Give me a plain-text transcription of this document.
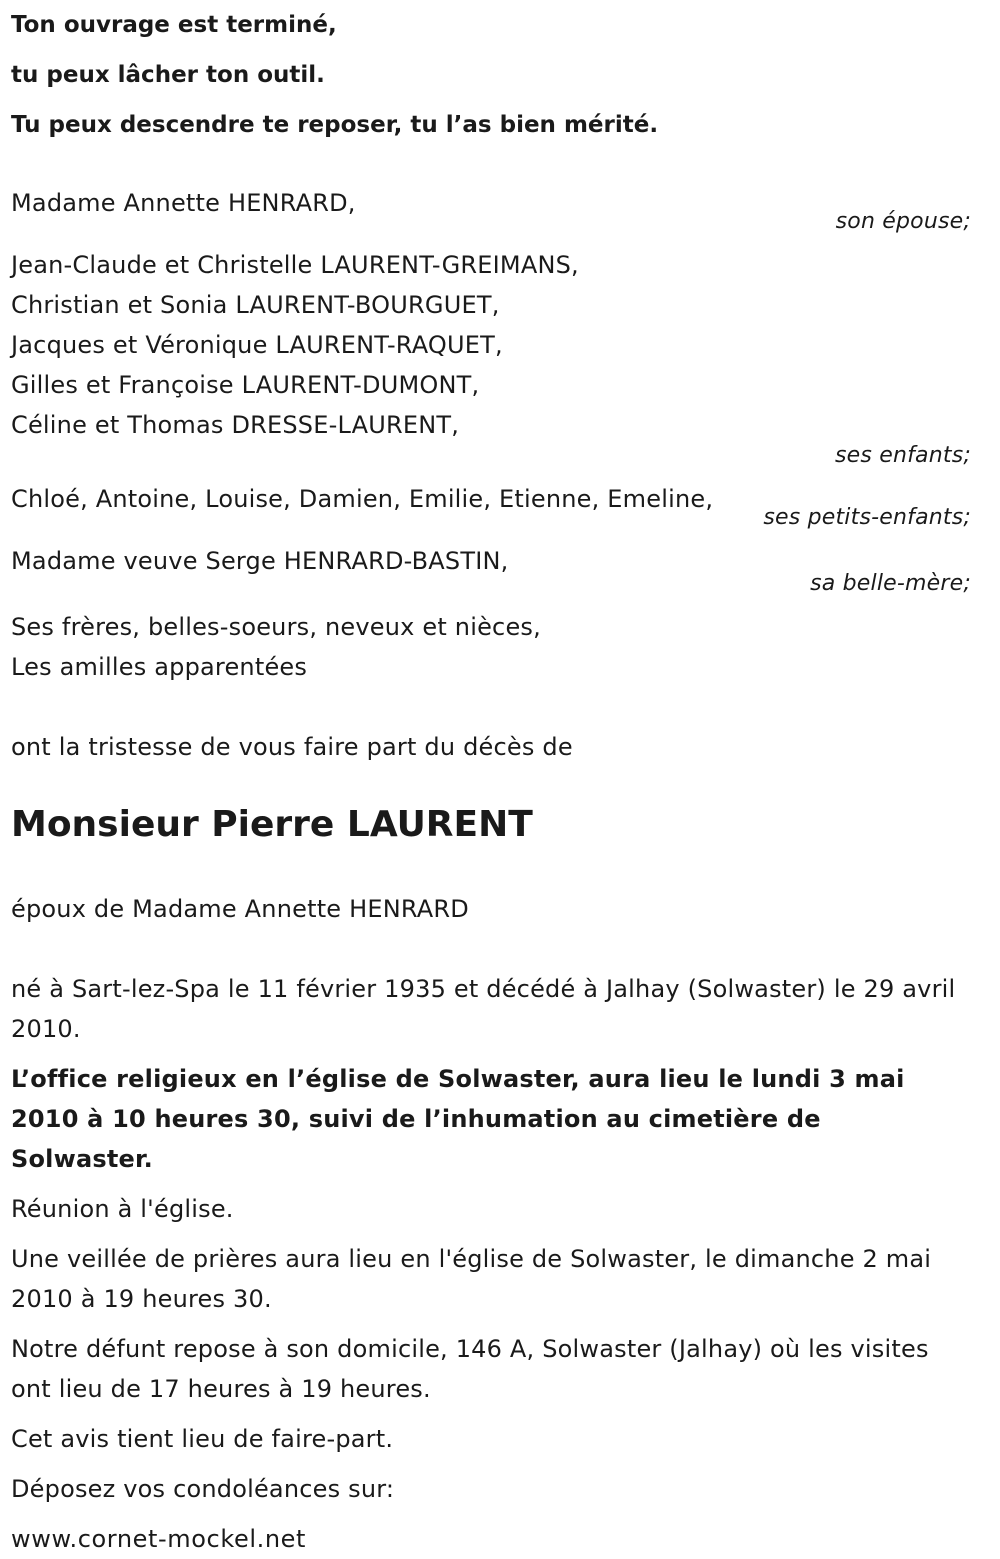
Ton ouvrage est terminé,
tu peux lâcher ton outil.
Tu peux descendre te reposer, tu l’as bien mérité.
Madame Annette HENRARD,
son épouse;
Jean-Claude et Christelle LAURENT-GREIMANS,
Christian et Sonia LAURENT-BOURGUET,
Jacques et Véronique LAURENT-RAQUET,
Gilles et Françoise LAURENT-DUMONT,
Céline et Thomas DRESSE-LAURENT,
ses enfants;
Chloé, Antoine, Louise, Damien, Emilie, Etienne, Emeline,
ses petits-enfants;
Madame veuve Serge HENRARD-BASTIN,
sa belle-mère;
Ses frères, belles-soeurs, neveux et nièces,
Les amilles apparentées
ont la tristesse de vous faire part du décès de
Monsieur Pierre LAURENT
époux de Madame Annette HENRARD
né à Sart-lez-Spa le 11 février 1935 et décédé à Jalhay (Solwaster) le 29 avril 2010.
L’office religieux en l’église de Solwaster, aura lieu le lundi 3 mai 2010 à 10 heures 30, suivi de l’inhumation au cimetière de Solwaster.
Réunion à l'église.
Une veillée de prières aura lieu en l'église de Solwaster, le dimanche 2 mai 2010 à 19 heures 30.
Notre défunt repose à son domicile, 146 A, Solwaster (Jalhay) où les visites ont lieu de 17 heures à 19 heures.
Cet avis tient lieu de faire-part.
Déposez vos condoléances sur:
www.cornet-mockel.net
